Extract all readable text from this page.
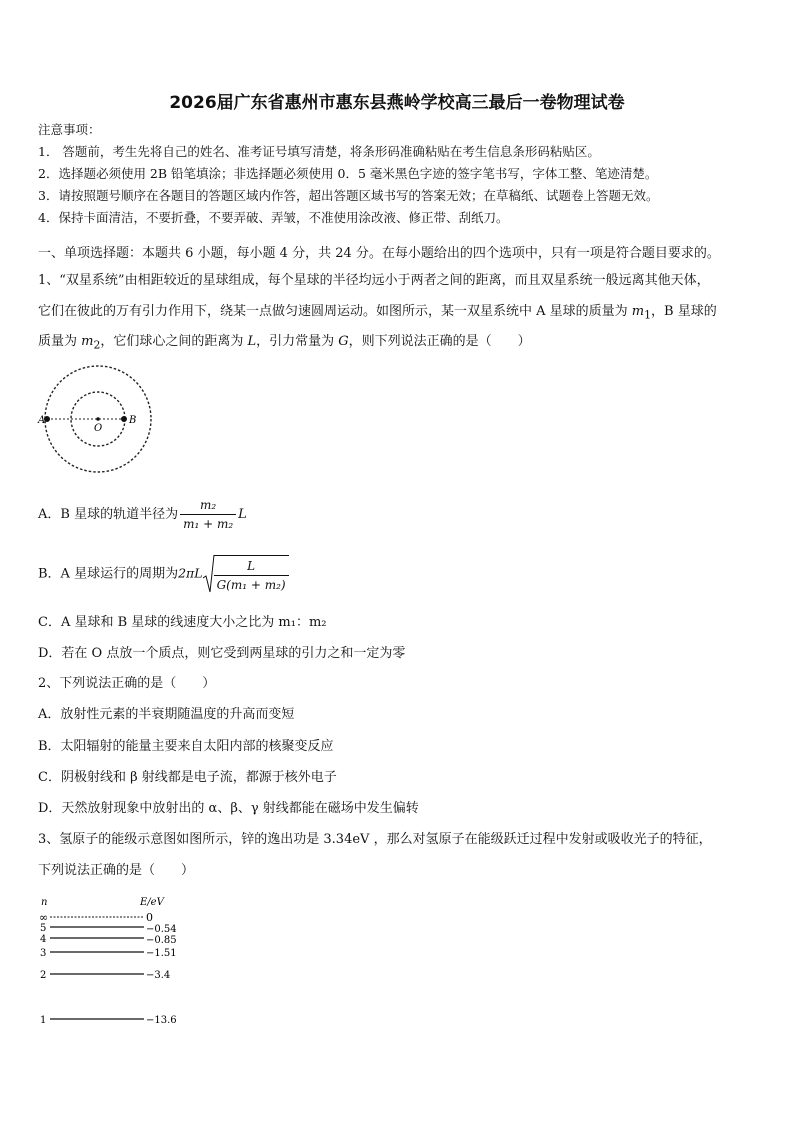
2026届广东省惠州市惠东县燕岭学校高三最后一卷物理试卷
注意事项：
1． 答题前，考生先将自己的姓名、准考证号填写清楚，将条形码准确粘贴在考生信息条形码粘贴区。
2．选择题必须使用 2B 铅笔填涂；非选择题必须使用 0．5 毫米黑色字迹的签字笔书写，字体工整、笔迹清楚。
3．请按照题号顺序在各题目的答题区域内作答，超出答题区域书写的答案无效；在草稿纸、试题卷上答题无效。
4．保持卡面清洁，不要折叠，不要弄破、弄皱，不准使用涂改液、修正带、刮纸刀。
一、单项选择题：本题共 6 小题，每小题 4 分，共 24 分。在每小题给出的四个选项中，只有一项是符合题目要求的。
1、“双星系统”由相距较近的星球组成，每个星球的半径均远小于两者之间的距离，而且双星系统一般远离其他天体，
它们在彼此的万有引力作用下，绕某一点做匀速圆周运动。如图所示，某一双星系统中 A 星球的质量为 $m_1$，B 星球的
质量为 $m_2$，它们球心之间的距离为 L，引力常量为 G，则下列说法正确的是（　　）
A
O
B
A．B 星球的轨道半径为 $\frac{\text{m₂}}{\text{m₁ + m₂}}$ L
B．A 星球运行的周期为$2\pi L \frac{L}{\text{G(m₁ + m₂)}}$
C．A 星球和 B 星球的线速度大小之比为 m₁：m₂
D．若在 O 点放一个质点，则它受到两星球的引力之和一定为零
2、下列说法正确的是（　　）
A．放射性元素的半衰期随温度的升高而变短
B．太阳辐射的能量主要来自太阳内部的核聚变反应
C．阴极射线和 β 射线都是电子流，都源于核外电子
D．天然放射现象中放射出的 α、β、γ 射线都能在磁场中发生偏转
3、氢原子的能级示意图如图所示，锌的逸出功是 3.34eV ，那么对氢原子在能级跃迁过程中发射或吸收光子的特征，
下列说法正确的是（　　）
n	E/eV
∞	0
5	−0.54
4	−0.85
3	−1.51
2	−3.4
1	−13.6
